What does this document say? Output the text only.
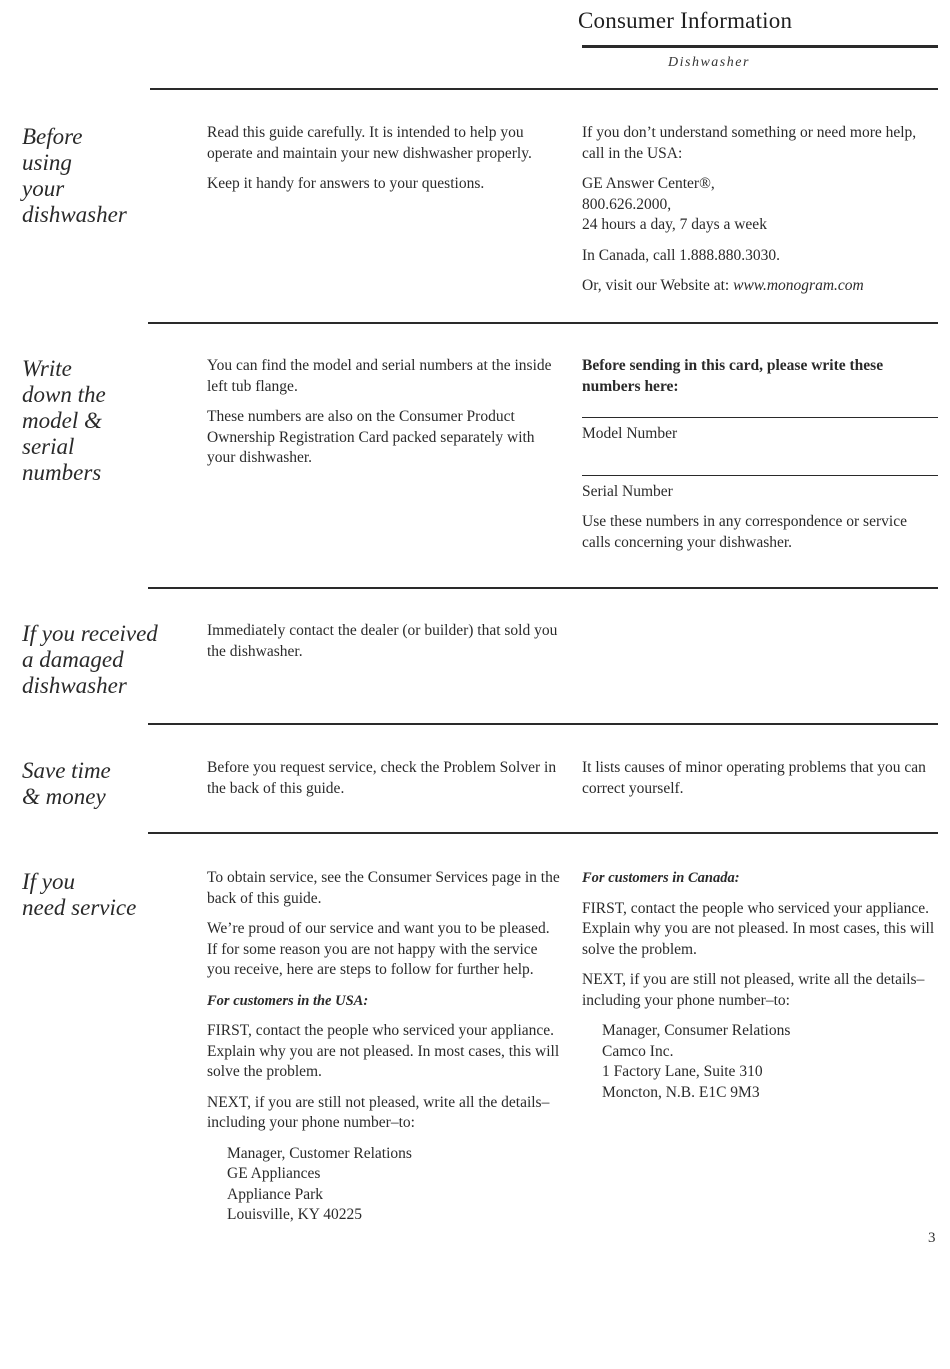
Consumer Information
Dishwasher
Before
using
your
dishwasher

Read this guide carefully. It is intended to help you operate and maintain your new dishwasher properly.

Keep it handy for answers to your questions.

If you don’t understand something or need more help, call in the USA:

GE Answer Center®,
800.626.2000,
24 hours a day, 7 days a week

In Canada, call 1.888.880.3030.

Or, visit our Website at: www.monogram.com

Write
down the
model &
serial
numbers

You can find the model and serial numbers at the inside left tub flange.

These numbers are also on the Consumer Product Ownership Registration Card packed separately with your dishwasher.

Before sending in this card, please write these numbers here:

Model Number

Serial Number

Use these numbers in any correspondence or service calls concerning your dishwasher.

If you received
a damaged
dishwasher

Immediately contact the dealer (or builder) that sold you the dishwasher.

Save time
& money

Before you request service, check the Problem Solver in the back of this guide.

It lists causes of minor operating problems that you can correct yourself.

If you
need service

To obtain service, see the Consumer Services page in the back of this guide.

We’re proud of our service and want you to be pleased. If for some reason you are not happy with the service you receive, here are steps to follow for further help.

For customers in the USA:

FIRST, contact the people who serviced your appliance. Explain why you are not pleased. In most cases, this will solve the problem.

NEXT, if you are still not pleased, write all the details–including your phone number–to:

Manager, Customer Relations
GE Appliances
Appliance Park
Louisville, KY 40225
For customers in Canada:

FIRST, contact the people who serviced your appliance. Explain why you are not pleased. In most cases, this will solve the problem.

NEXT, if you are still not pleased, write all the details–including your phone number–to:

Manager, Consumer Relations
Camco Inc.
1 Factory Lane, Suite 310
Moncton, N.B. E1C 9M3
3
